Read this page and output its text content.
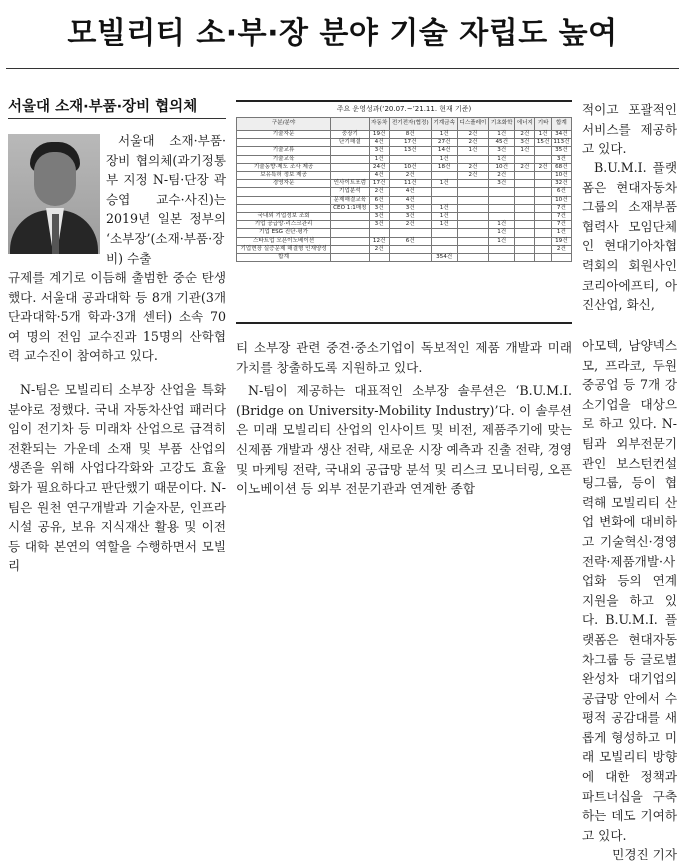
모빌리티 소·부·장 분야 기술 자립도 높여
서울대 소재·부품·장비 협의체
서울대 소재·부품·장비 협의체(과기정통부 지정 N-팀·단장 곽승엽 교수·사진)는 2019년 일본 정부의 ‘소부장’(소재·부품·장비) 수출

규제를 계기로 이듬해 출범한 중순 탄생했다. 서울대 공과대학 등 8개 기관(3개 단과대학·5개 학과·3개 센터) 소속 70여 명의 전임 교수진과 15명의 산학협력 교수진이 참여하고 있다.

N-팀은 모빌리티 소부장 산업을 특화 분야로 정했다. 국내 자동차산업 패러다임이 전기차 등 미래차 산업으로 급격히 전환되는 가운데 소재 및 부품 산업의 생존을 위해 사업다각화와 고강도 효율화가 필요하다고 판단했기 때문이다. N-팀은 원천 연구개발과 기술자문, 인프라시설 공유, 보유 지식재산 활용 및 이전 등 대학 본연의 역할을 수행하면서 모빌리

주요 운영성과(‘20.07.~’21.11. 현재 기준)
구분/분야		자동차	전기전자(협정)	기계금속	디스플레이	기초화학	에너지	기타	합계
기술자문	중장기	19건	8건	1건	2건	1건	2건	1건	34건
	단기해결	4건	17건	27건	2건	45건	3건	15건	113건
기술교류		3건	13건	14건	1건	3건	1건		35건
기술교육		1건		1건		1건			3건
기술동향·제도 조사 제공		24건	10건	18건	2건	10건	2건	2건	68건
보유특허 정보 제공		4건	2건		2건	2건			10건
경영자문	인사이트포럼	17건	11건	1건		3건			32건
	기업분석	2건	4건						6건
	문제해결교육	6건	4건						10건
	CEO 1:1매칭	3건	3건	1건					7건
국내외 기업정보 조회		3건	3건	1건					7건
기업 공급망·리스크관리		3건	2건	1건		1건			7건
기업 ESG 진단·평가						1건			1건
스타트업 오픈이노베이션		12건	6건			1건			19건
기업현장 실증문제 해결형 인재양성		2건							2건
합계				354건					

티 소부장 관련 중견·중소기업이 독보적인 제품 개발과 미래 가치를 창출하도록 지원하고 있다.

N-팀이 제공하는 대표적인 소부장 솔루션은 ‘B.U.M.I.(Bridge on University-Mobility Industry)’다. 이 솔루션은 미래 모빌리티 산업의 인사이트 및 비전, 제품주기에 맞는 신제품 개발과 생산 전략, 새로운 시장 예측과 진출 전략, 경영 및 마케팅 전략, 국내외 공급망 분석 및 리스크 모니터링, 오픈 이노베이션 등 외부 전문기관과 연계한 종합

적이고 포괄적인 서비스를 제공하고 있다.

B.U.M.I. 플랫폼은 현대자동차그룹의 소재부품 협력사 모임단체인 현대기아차협력회의 회원사인 코리아에프티, 아진산업, 화신,

아모텍, 남양넥스모, 프라코, 두원중공업 등 7개 강소기업을 대상으로 하고 있다. N-팀과 외부전문기관인 보스턴컨설팅그룹, 등이 협력해 모빌리티 산업 변화에 대비하고 기술혁신·경영전략·제품개발·사업화 등의 연계 지원을 하고 있다. B.U.M.I. 플랫폼은 현대자동차그룹 등 글로벌 완성차 대기업의 공급망 안에서 수평적 공감대를 새롭게 형성하고 미래 모빌리티 방향에 대한 정책과 파트너십을 구축하는 데도 기여하고 있다.

민경진 기자
